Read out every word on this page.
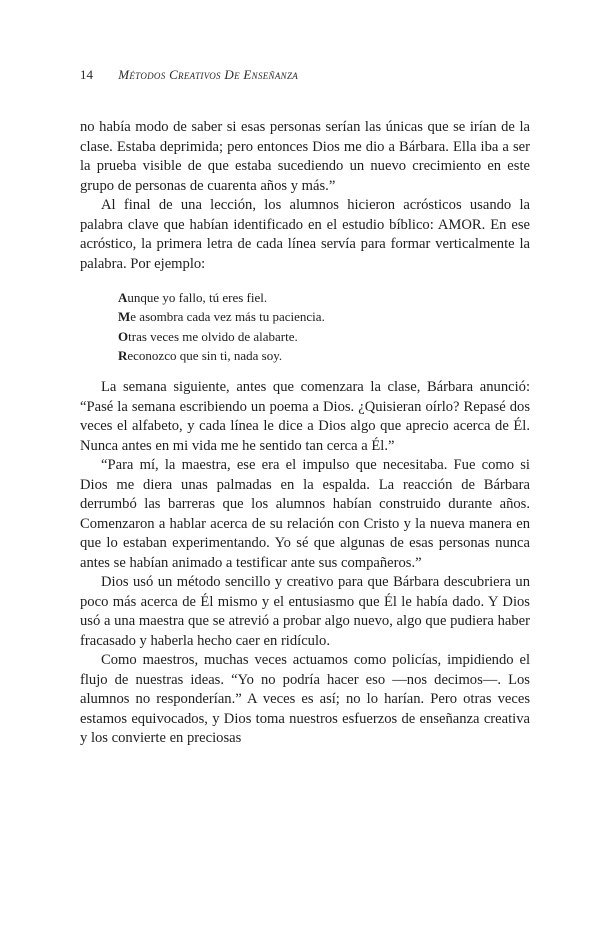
14 Métodos Creativos De Enseñanza

no había modo de saber si esas personas serían las únicas que se irían de la clase. Estaba deprimida; pero entonces Dios me dio a Bárbara. Ella iba a ser la prueba visible de que estaba sucediendo un nuevo crecimiento en este grupo de personas de cuarenta años y más.”

Al final de una lección, los alumnos hicieron acrósticos usando la palabra clave que habían identificado en el estudio bíblico: AMOR. En ese acróstico, la primera letra de cada línea servía para formar verticalmente la palabra. Por ejemplo:

Aunque yo fallo, tú eres fiel.
Me asombra cada vez más tu paciencia.
Otras veces me olvido de alabarte.
Reconozco que sin ti, nada soy.

La semana siguiente, antes que comenzara la clase, Bárbara anunció: “Pasé la semana escribiendo un poema a Dios. ¿Quisieran oírlo? Repasé dos veces el alfabeto, y cada línea le dice a Dios algo que aprecio acerca de Él. Nunca antes en mi vida me he sentido tan cerca a Él.”

“Para mí, la maestra, ese era el impulso que necesitaba. Fue como si Dios me diera unas palmadas en la espalda. La reacción de Bárbara derrumbó las barreras que los alumnos habían construido durante años. Comenzaron a hablar acerca de su relación con Cristo y la nueva manera en que lo estaban experimentando. Yo sé que algunas de esas personas nunca antes se habían animado a testificar ante sus compañeros.”

Dios usó un método sencillo y creativo para que Bárbara descubriera un poco más acerca de Él mismo y el entusiasmo que Él le había dado. Y Dios usó a una maestra que se atrevió a probar algo nuevo, algo que pudiera haber fracasado y haberla hecho caer en ridículo.

Como maestros, muchas veces actuamos como policías, impidiendo el flujo de nuestras ideas. “Yo no podría hacer eso —nos decimos—. Los alumnos no responderían.” A veces es así; no lo harían. Pero otras veces estamos equivocados, y Dios toma nuestros esfuerzos de enseñanza creativa y los convierte en preciosas
